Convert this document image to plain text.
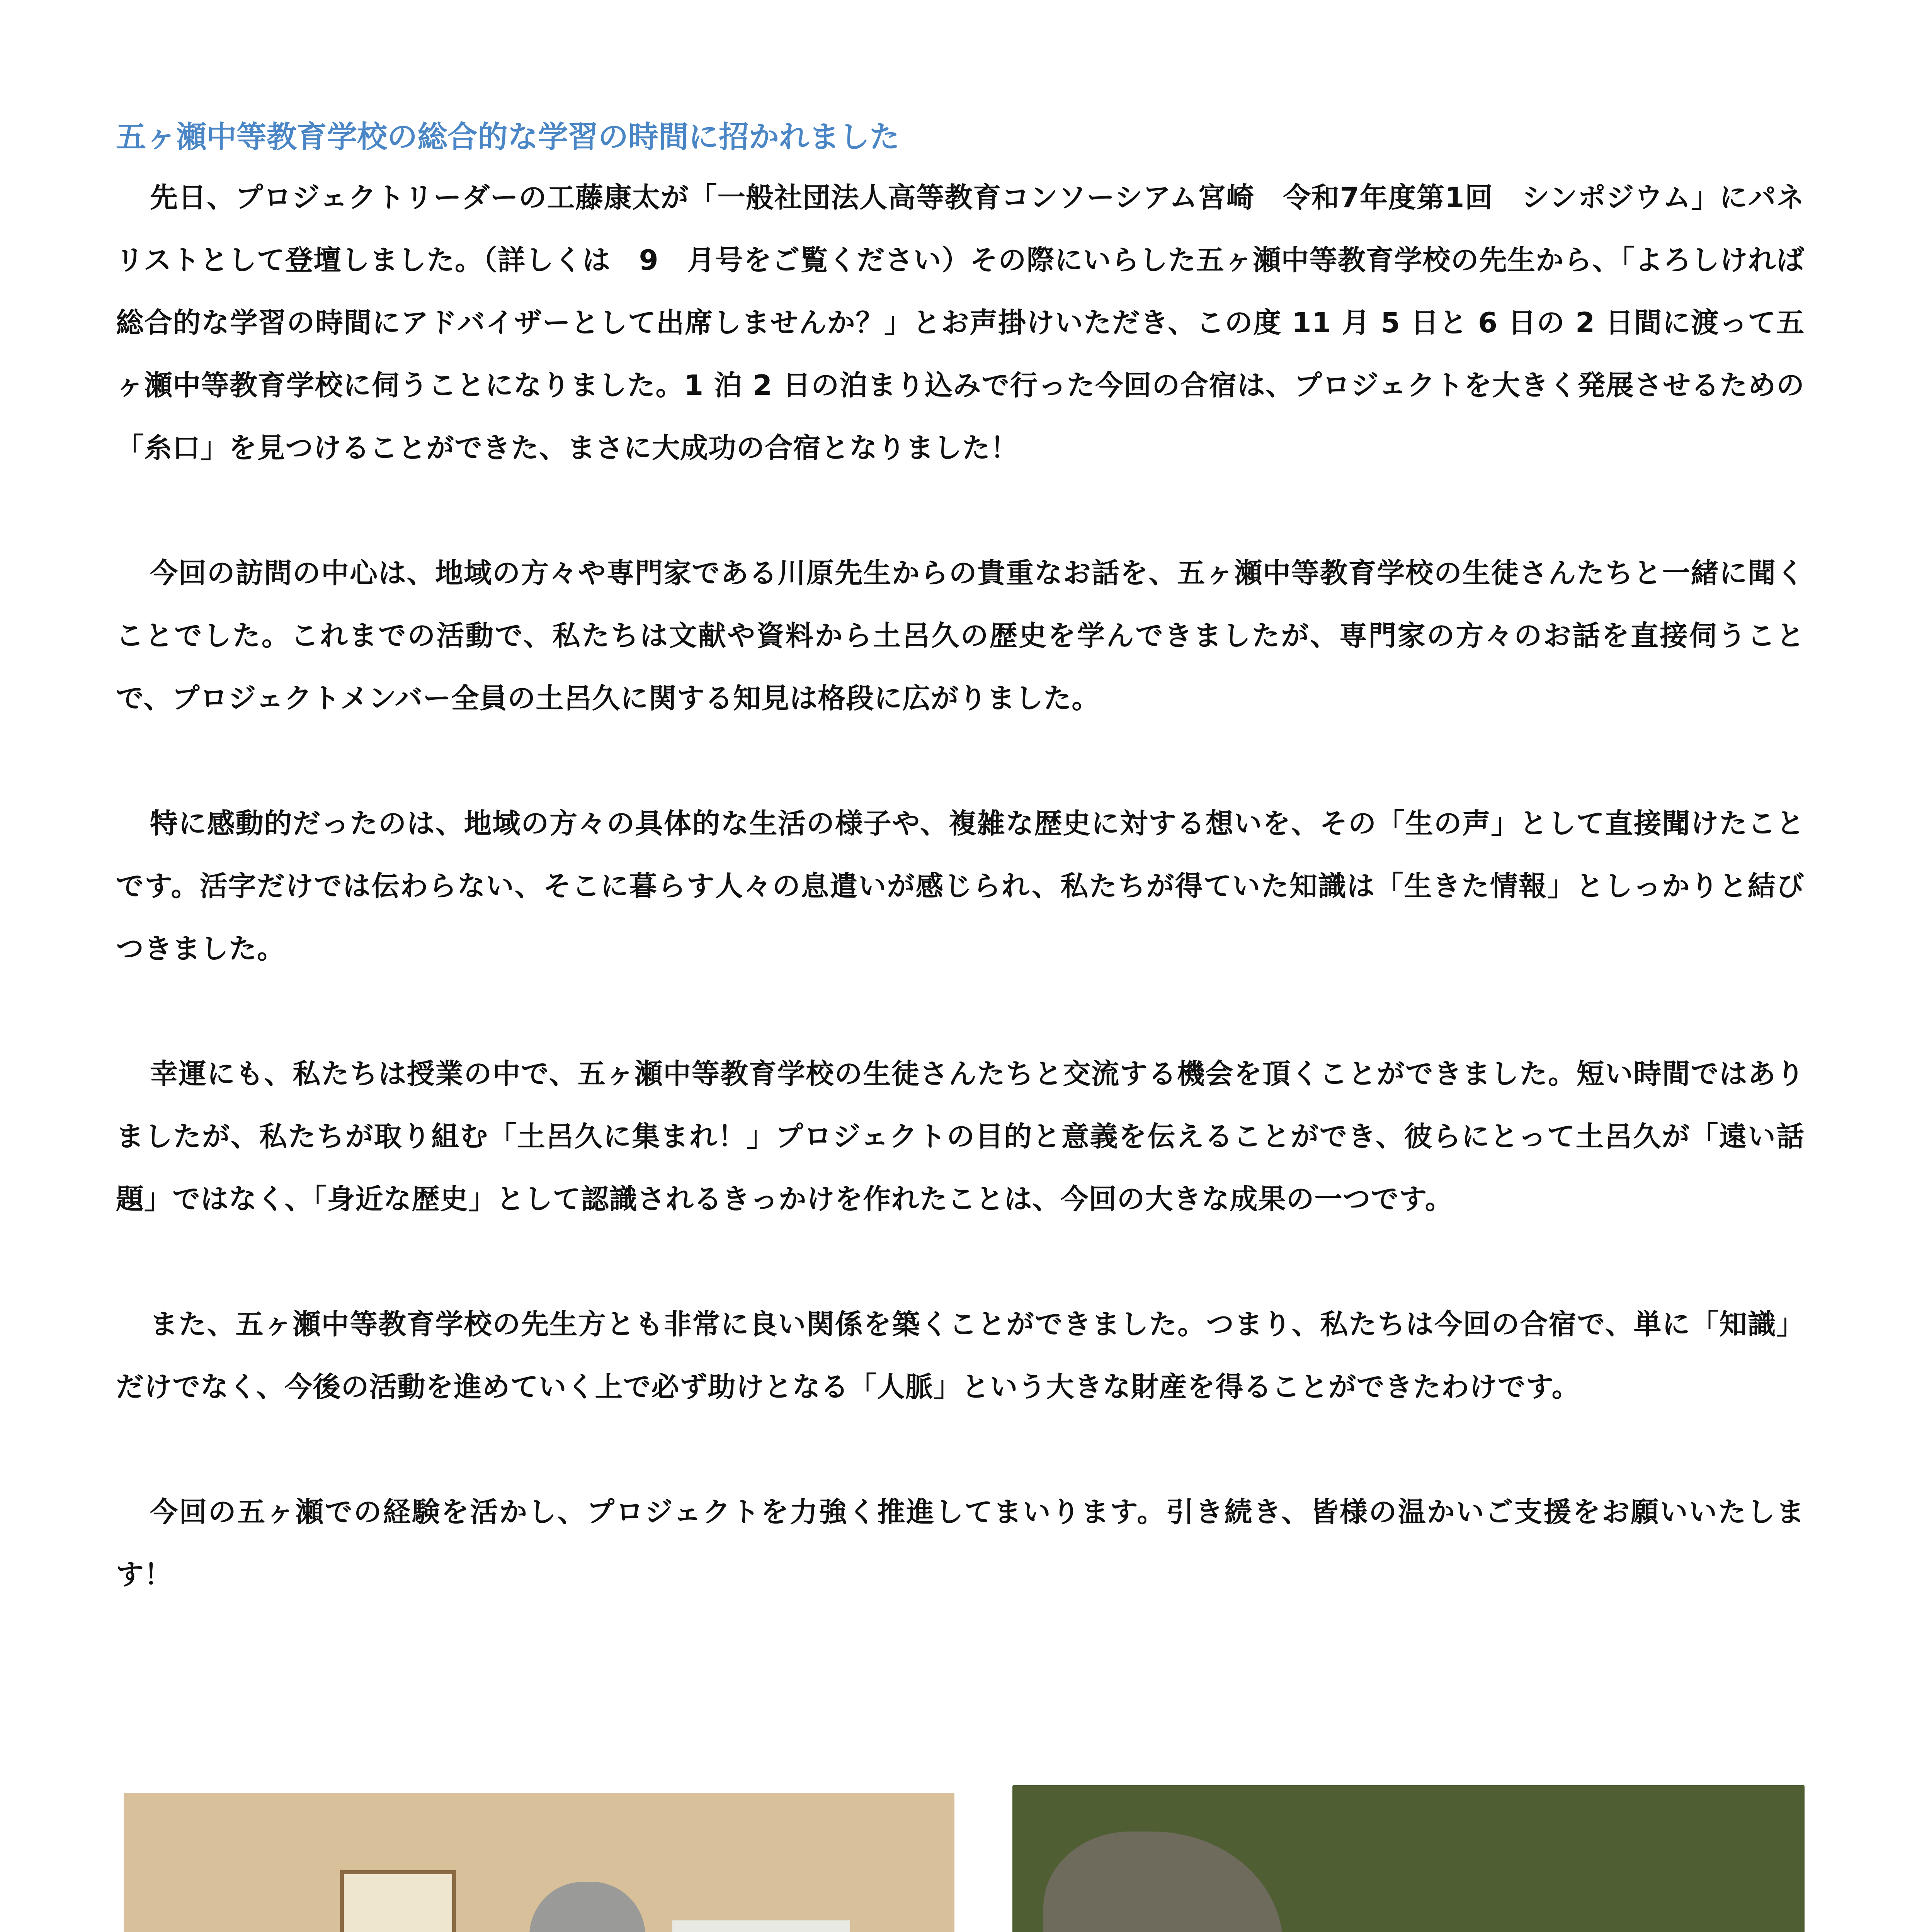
五ヶ瀬中等教育学校の総合的な学習の時間に招かれました

先日、プロジェクトリーダーの工藤康太が「一般社団法人高等教育コンソーシアム宮崎　令和7年度第1回　シンポジウム」にパネリストとして登壇しました。（詳しくは　9　月号をご覧ください）その際にいらした五ヶ瀬中等教育学校の先生から、「よろしければ総合的な学習の時間にアドバイザーとして出席しませんか？」とお声掛けいただき、この度 11 月 5 日と 6 日の 2 日間に渡って五ヶ瀬中等教育学校に伺うことになりました。1 泊 2 日の泊まり込みで行った今回の合宿は、プロジェクトを大きく発展させるための「糸口」を見つけることができた、まさに大成功の合宿となりました！

今回の訪問の中心は、地域の方々や専門家である川原先生からの貴重なお話を、五ヶ瀬中等教育学校の生徒さんたちと一緒に聞くことでした。これまでの活動で、私たちは文献や資料から土呂久の歴史を学んできましたが、専門家の方々のお話を直接伺うことで、プロジェクトメンバー全員の土呂久に関する知見は格段に広がりました。

特に感動的だったのは、地域の方々の具体的な生活の様子や、複雑な歴史に対する想いを、その「生の声」として直接聞けたことです。活字だけでは伝わらない、そこに暮らす人々の息遣いが感じられ、私たちが得ていた知識は「生きた情報」としっかりと結びつきました。

幸運にも、私たちは授業の中で、五ヶ瀬中等教育学校の生徒さんたちと交流する機会を頂くことができました。短い時間ではありましたが、私たちが取り組む「土呂久に集まれ！」プロジェクトの目的と意義を伝えることができ、彼らにとって土呂久が「遠い話題」ではなく、「身近な歴史」として認識されるきっかけを作れたことは、今回の大きな成果の一つです。

また、五ヶ瀬中等教育学校の先生方とも非常に良い関係を築くことができました。つまり、私たちは今回の合宿で、単に「知識」だけでなく、今後の活動を進めていく上で必ず助けとなる「人脈」という大きな財産を得ることができたわけです。

今回の五ヶ瀬での経験を活かし、プロジェクトを力強く推進してまいります。引き続き、皆様の温かいご支援をお願いいたします！
